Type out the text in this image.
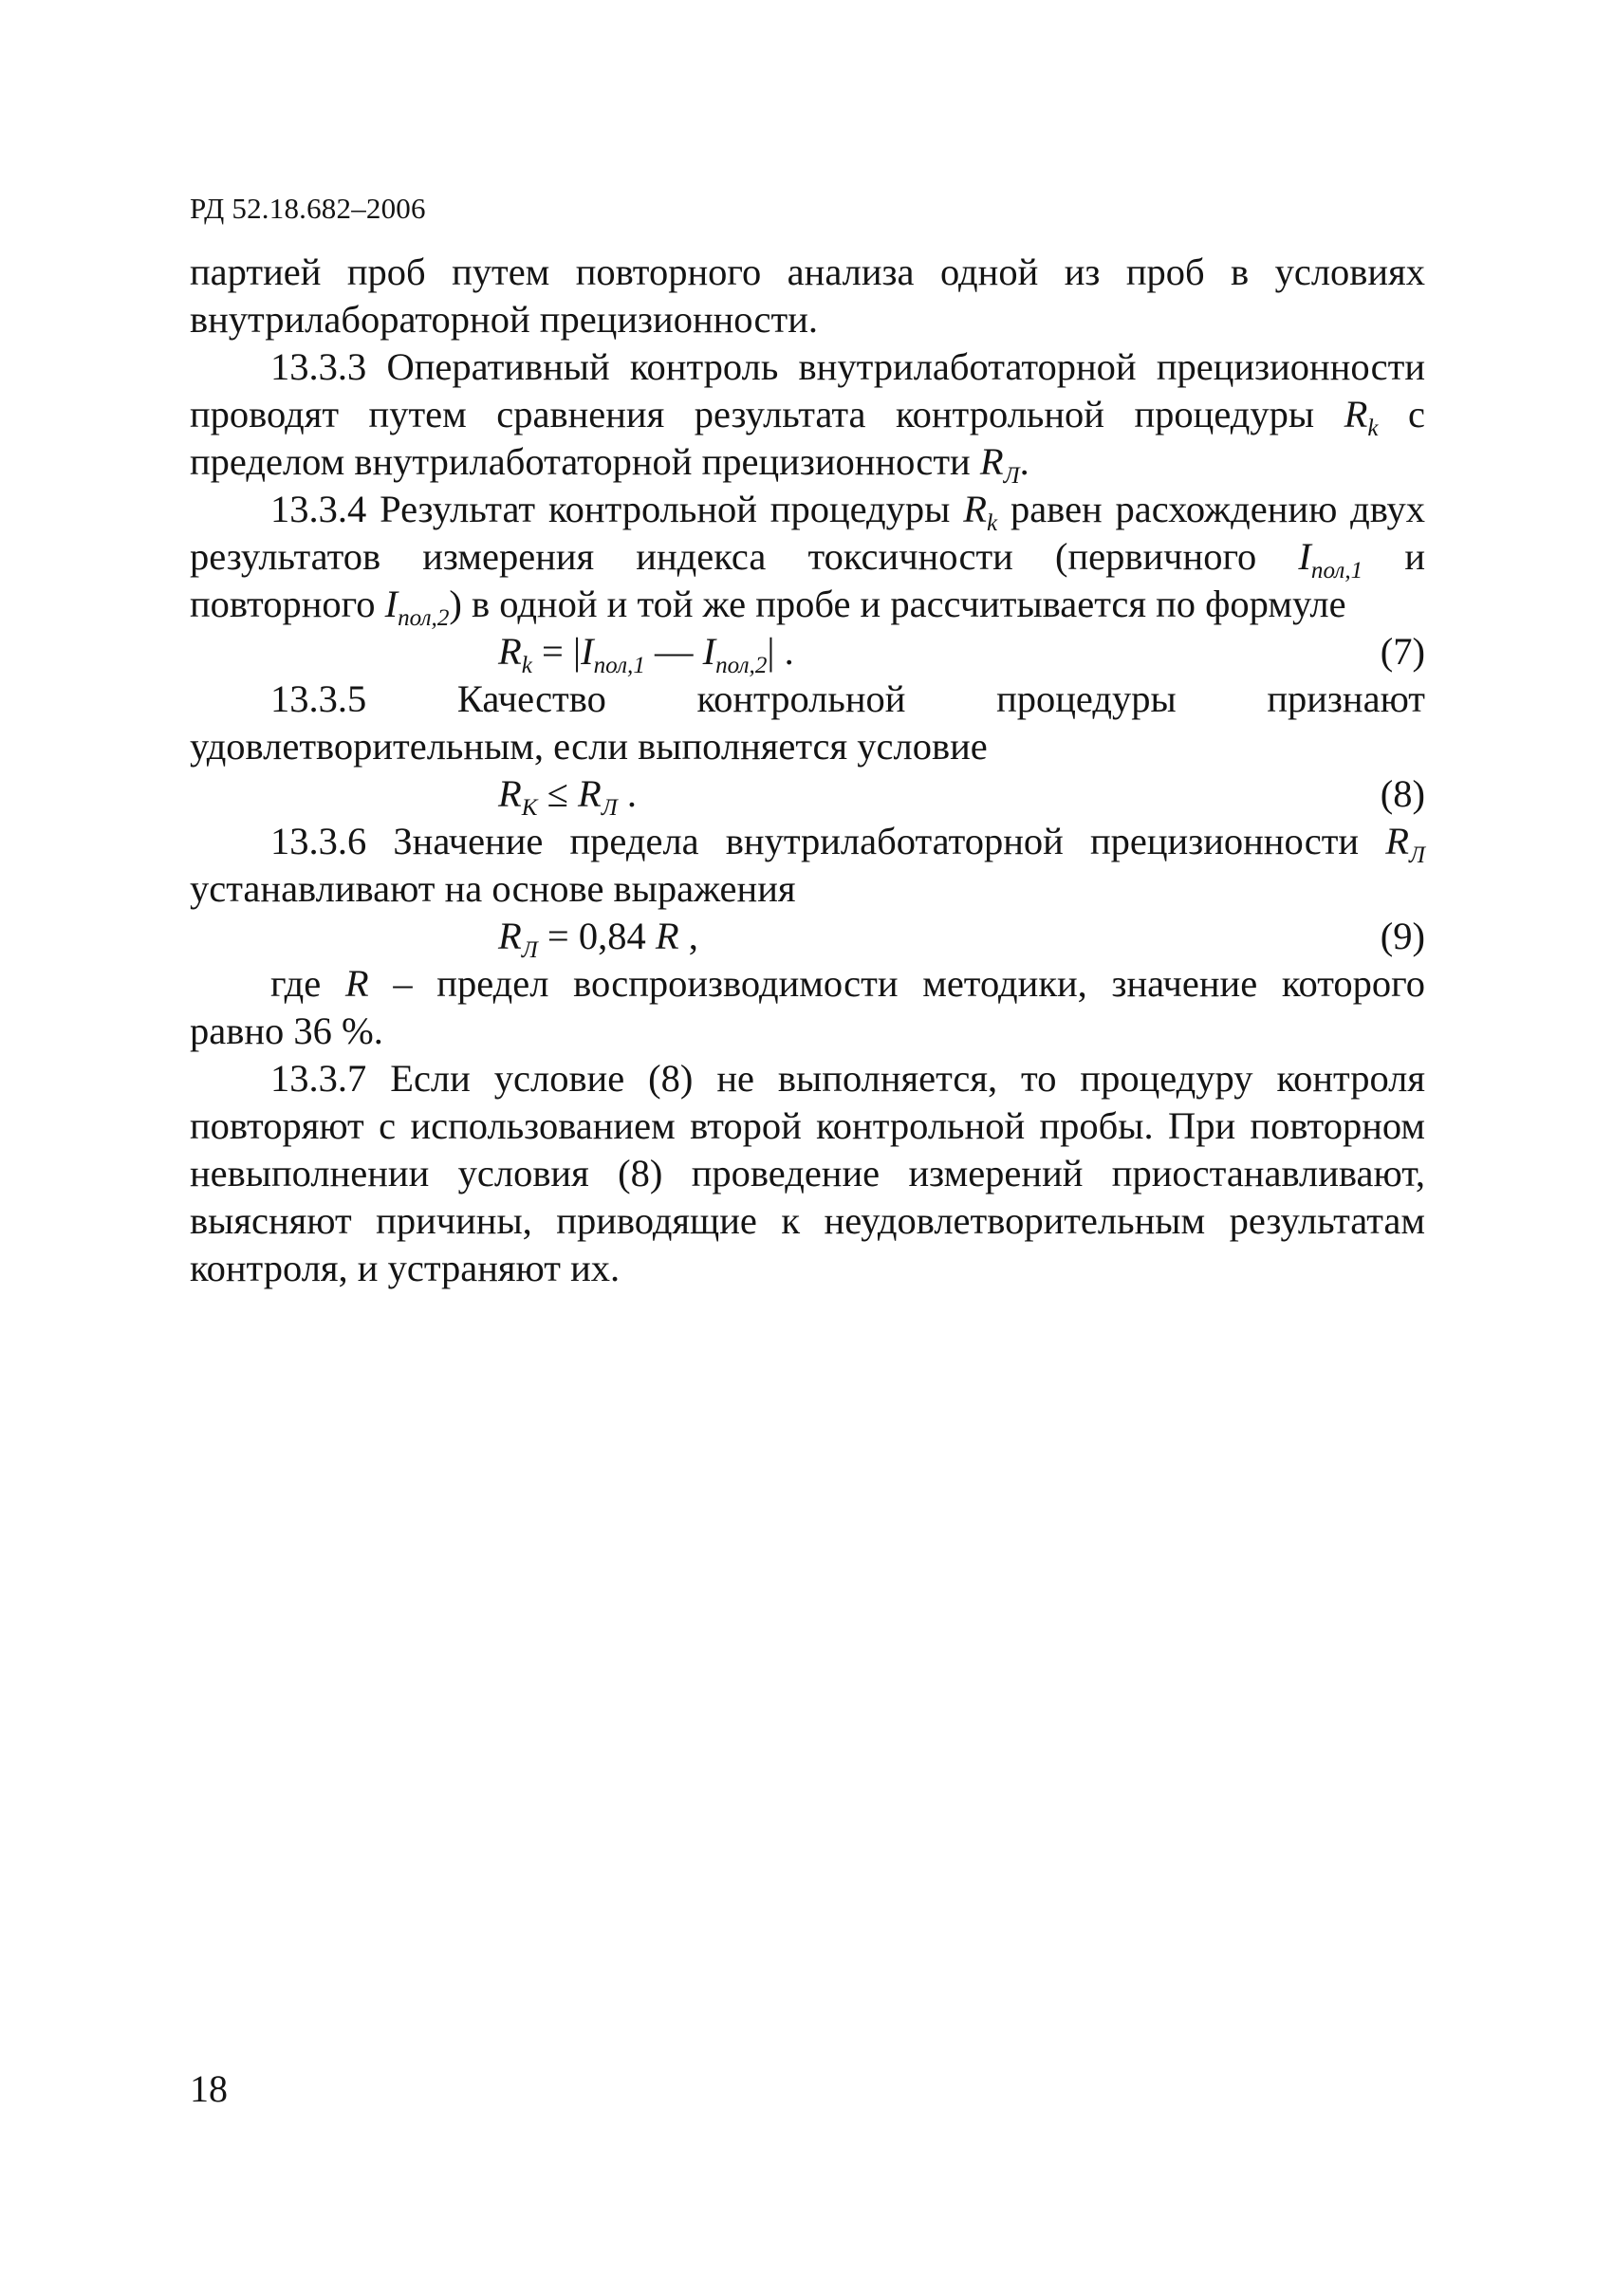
РД 52.18.682–2006
партией проб путем повторного анализа одной из проб в условиях внутрилабораторной прецизионности.
13.3.3 Оперативный контроль внутрилаботаторной прецизионности проводят путем сравнения результата контрольной процедуры $R_k$ с пределом внутрилаботаторной прецизионности $R_Л$.
13.3.4 Результат контрольной процедуры $R_k$ равен расхождению двух результатов измерения индекса токсичности (первичного $I_{пол,1}$ и повторного $I_{пол,2}$) в одной и той же пробе и рассчитывается по формуле
$R_k = |I_{пол,1}$ — $I_{пол,2}|$ .	(7)
13.3.5 Качество контрольной процедуры признают удовлетворительным, если выполняется условие
$R_K \le R_Л$ .	(8)
13.3.6 Значение предела внутрилаботаторной прецизионности $R_Л$ устанавливают на основе выражения
$R_Л = 0,84$ R ,	(9)
где R – предел воспроизводимости методики, значение которого равно 36 %.
13.3.7 Если условие (8) не выполняется, то процедуру контроля повторяют с использованием второй контрольной пробы. При повторном невыполнении условия (8) проведение измерений приостанавливают, выясняют причины, приводящие к неудовлетворительным результатам контроля, и устраняют их.
18
